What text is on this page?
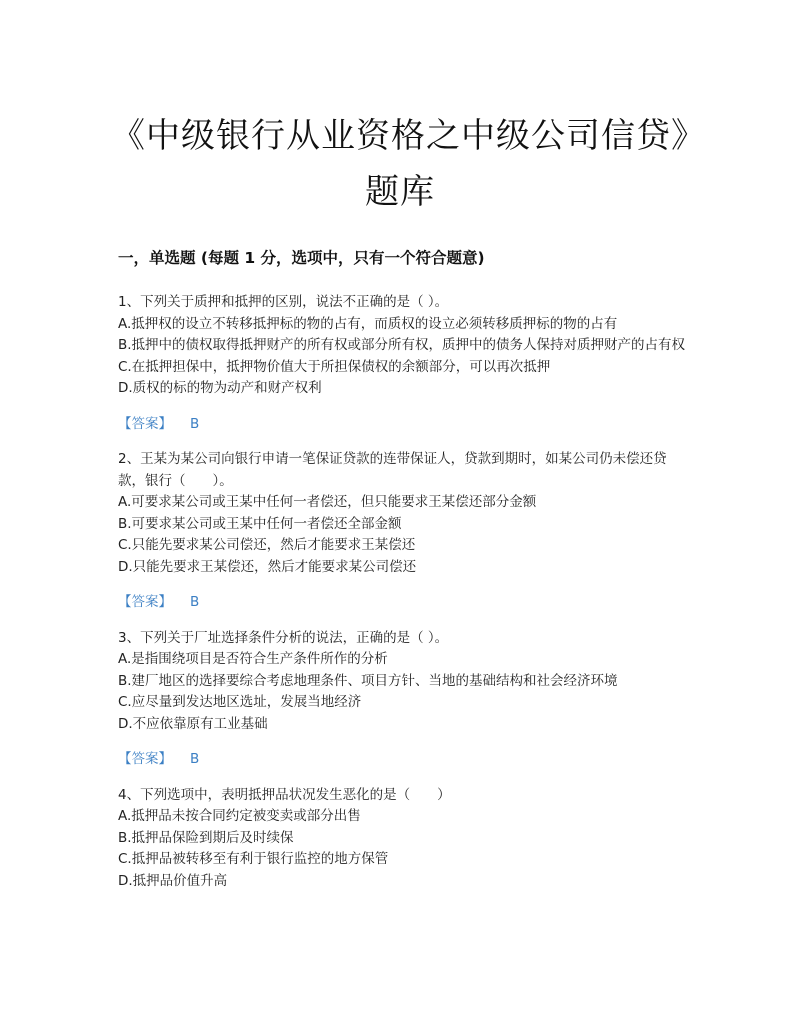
《中级银行从业资格之中级公司信贷》题库
一，单选题 (每题 1 分，选项中，只有一个符合题意)
1、下列关于质押和抵押的区别，说法不正确的是（ ）。
A.抵押权的设立不转移抵押标的物的占有，而质权的设立必须转移质押标的物的占有
B.抵押中的债权取得抵押财产的所有权或部分所有权，质押中的债务人保持对质押财产的占有权
C.在抵押担保中，抵押物价值大于所担保债权的余额部分，可以再次抵押
D.质权的标的物为动产和财产权利
【答案】 B
2、王某为某公司向银行申请一笔保证贷款的连带保证人，贷款到期时，如某公司仍未偿还贷款，银行（　　）。
A.可要求某公司或王某中任何一者偿还，但只能要求王某偿还部分金额
B.可要求某公司或王某中任何一者偿还全部金额
C.只能先要求某公司偿还，然后才能要求王某偿还
D.只能先要求王某偿还，然后才能要求某公司偿还
【答案】 B
3、下列关于厂址选择条件分析的说法，正确的是（ ）。
A.是指围绕项目是否符合生产条件所作的分析
B.建厂地区的选择要综合考虑地理条件、项目方针、当地的基础结构和社会经济环境
C.应尽量到发达地区选址，发展当地经济
D.不应依靠原有工业基础
【答案】 B
4、下列选项中，表明抵押品状况发生恶化的是（　　）
A.抵押品未按合同约定被变卖或部分出售
B.抵押品保险到期后及时续保
C.抵押品被转移至有利于银行监控的地方保管
D.抵押品价值升高
